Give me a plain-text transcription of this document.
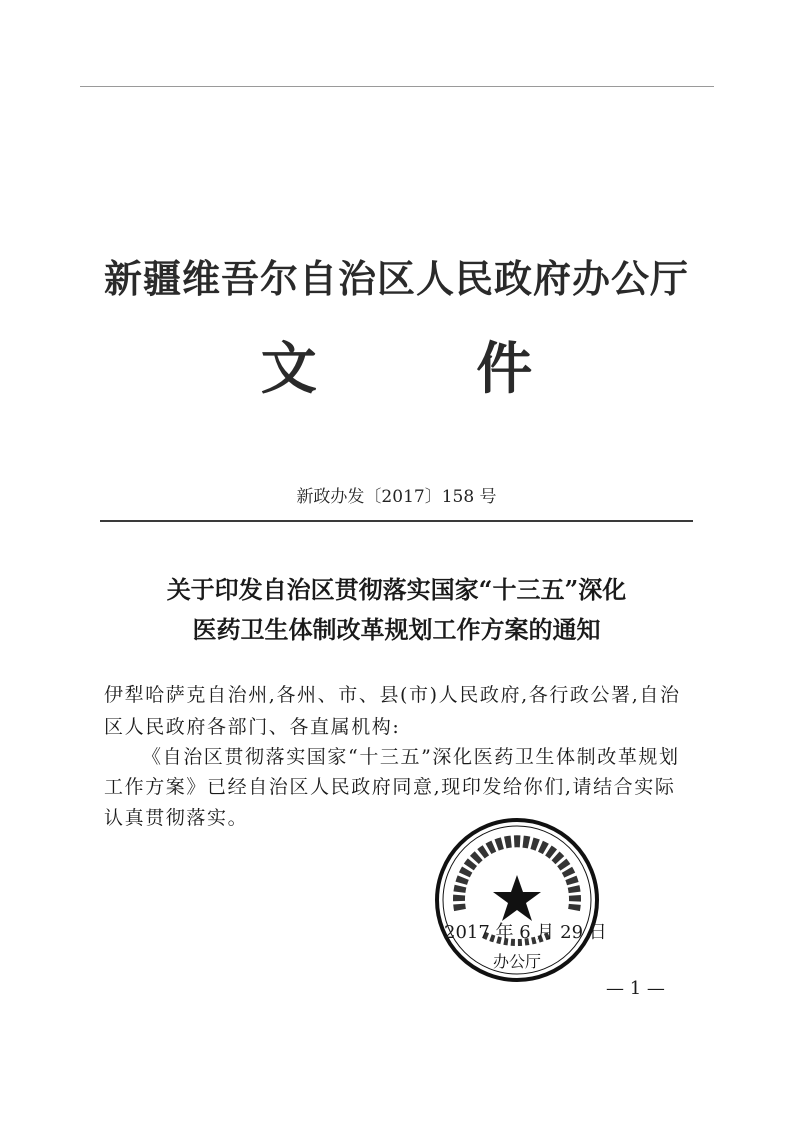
新疆维吾尔自治区人民政府办公厅
文 件
新政办发〔2017〕158 号
关于印发自治区贯彻落实国家“十三五”深化
医药卫生体制改革规划工作方案的通知
伊犁哈萨克自治州,各州、市、县(市)人民政府,各行政公署,自治
区人民政府各部门、各直属机构:
《自治区贯彻落实国家“十三五”深化医药卫生体制改革规划
工作方案》已经自治区人民政府同意,现印发给你们,请结合实际
认真贯彻落实。
办公厅
2017 年 6 月 29 日
— 1 —
